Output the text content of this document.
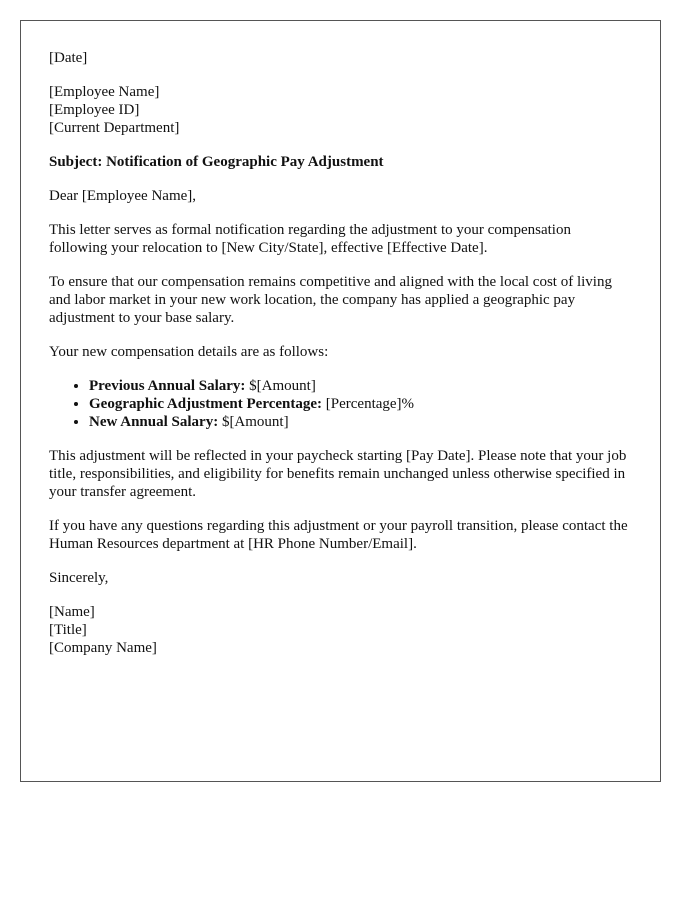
[Date]

[Employee Name]
[Employee ID]
[Current Department]

Subject: Notification of Geographic Pay Adjustment

Dear [Employee Name],

This letter serves as formal notification regarding the adjustment to your compensation following your relocation to [New City/State], effective [Effective Date].

To ensure that our compensation remains competitive and aligned with the local cost of living and labor market in your new work location, the company has applied a geographic pay adjustment to your base salary.

Your new compensation details are as follows:

• Previous Annual Salary: $[Amount]
• Geographic Adjustment Percentage: [Percentage]%
• New Annual Salary: $[Amount]

This adjustment will be reflected in your paycheck starting [Pay Date]. Please note that your job title, responsibilities, and eligibility for benefits remain unchanged unless otherwise specified in your transfer agreement.

If you have any questions regarding this adjustment or your payroll transition, please contact the Human Resources department at [HR Phone Number/Email].

Sincerely,

[Name]
[Title]
[Company Name]
